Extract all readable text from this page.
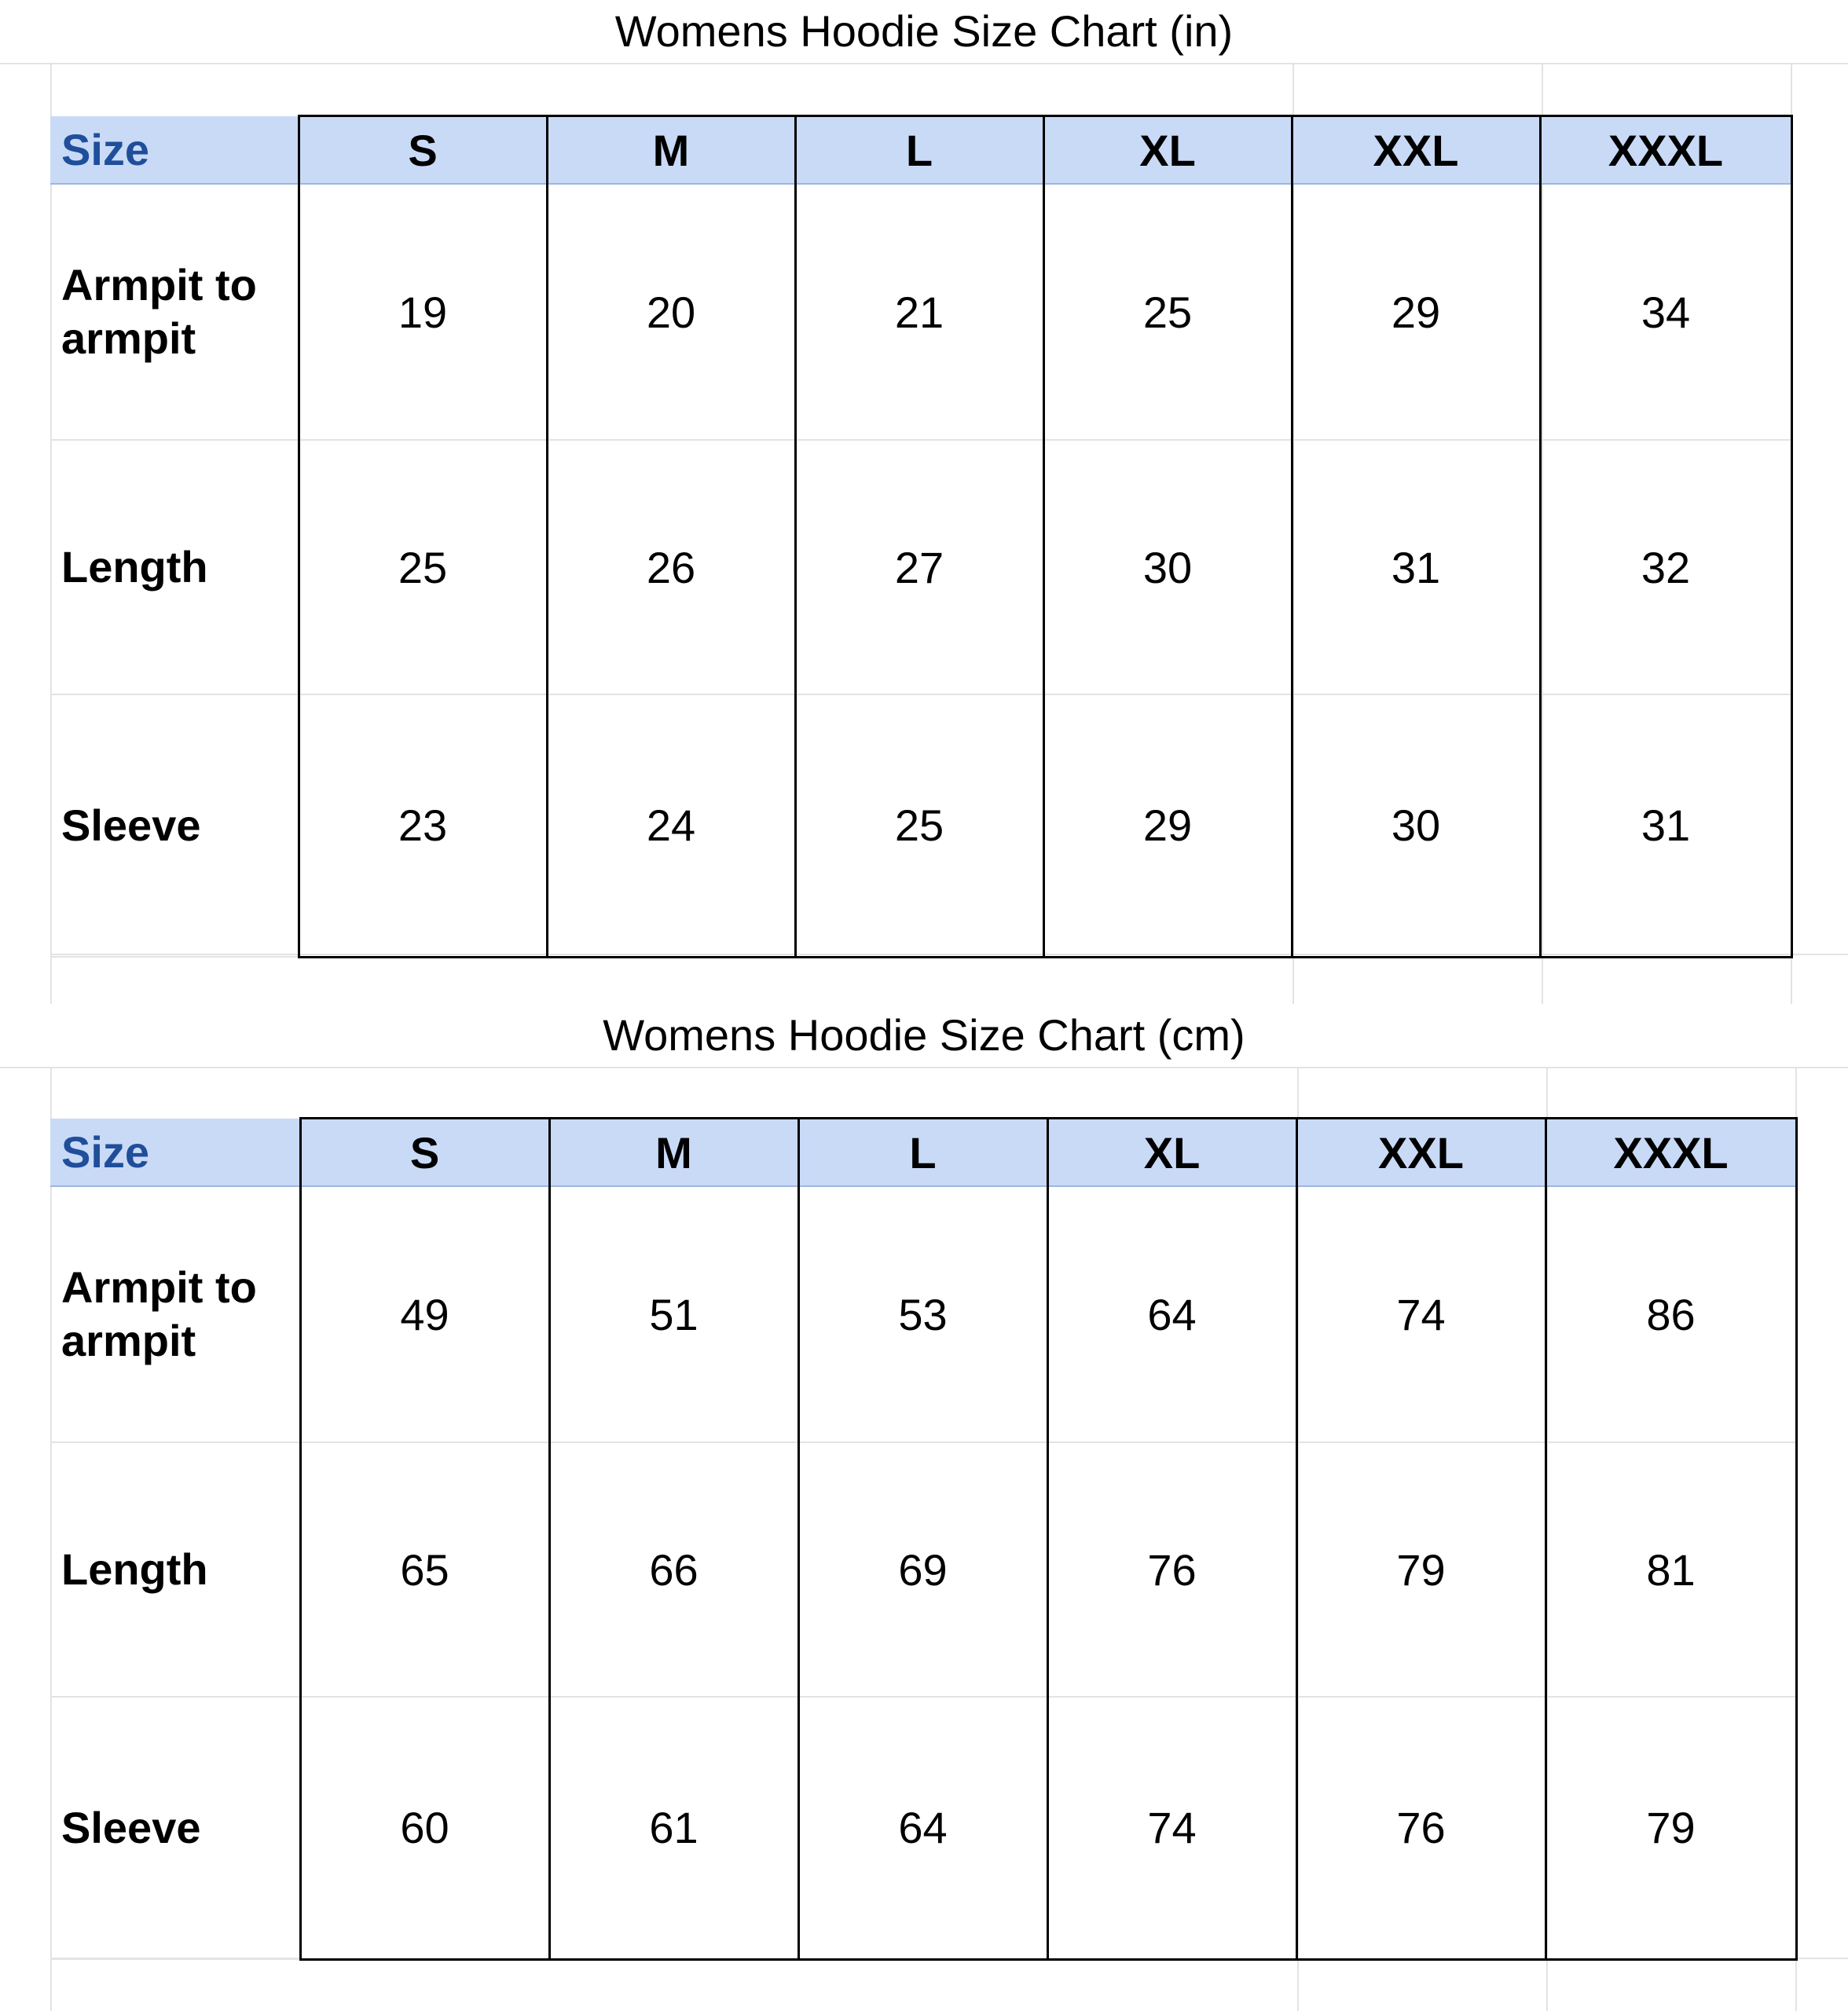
Womens Hoodie Size Chart (in)
Size	S	M	L	XL	XXL	XXXL
Armpit to armpit	19	20	21	25	29	34
Length	25	26	27	30	31	32
Sleeve	23	24	25	29	30	31
Womens Hoodie Size Chart (cm)
Size	S	M	L	XL	XXL	XXXL
Armpit to armpit	49	51	53	64	74	86
Length	65	66	69	76	79	81
Sleeve	60	61	64	74	76	79
